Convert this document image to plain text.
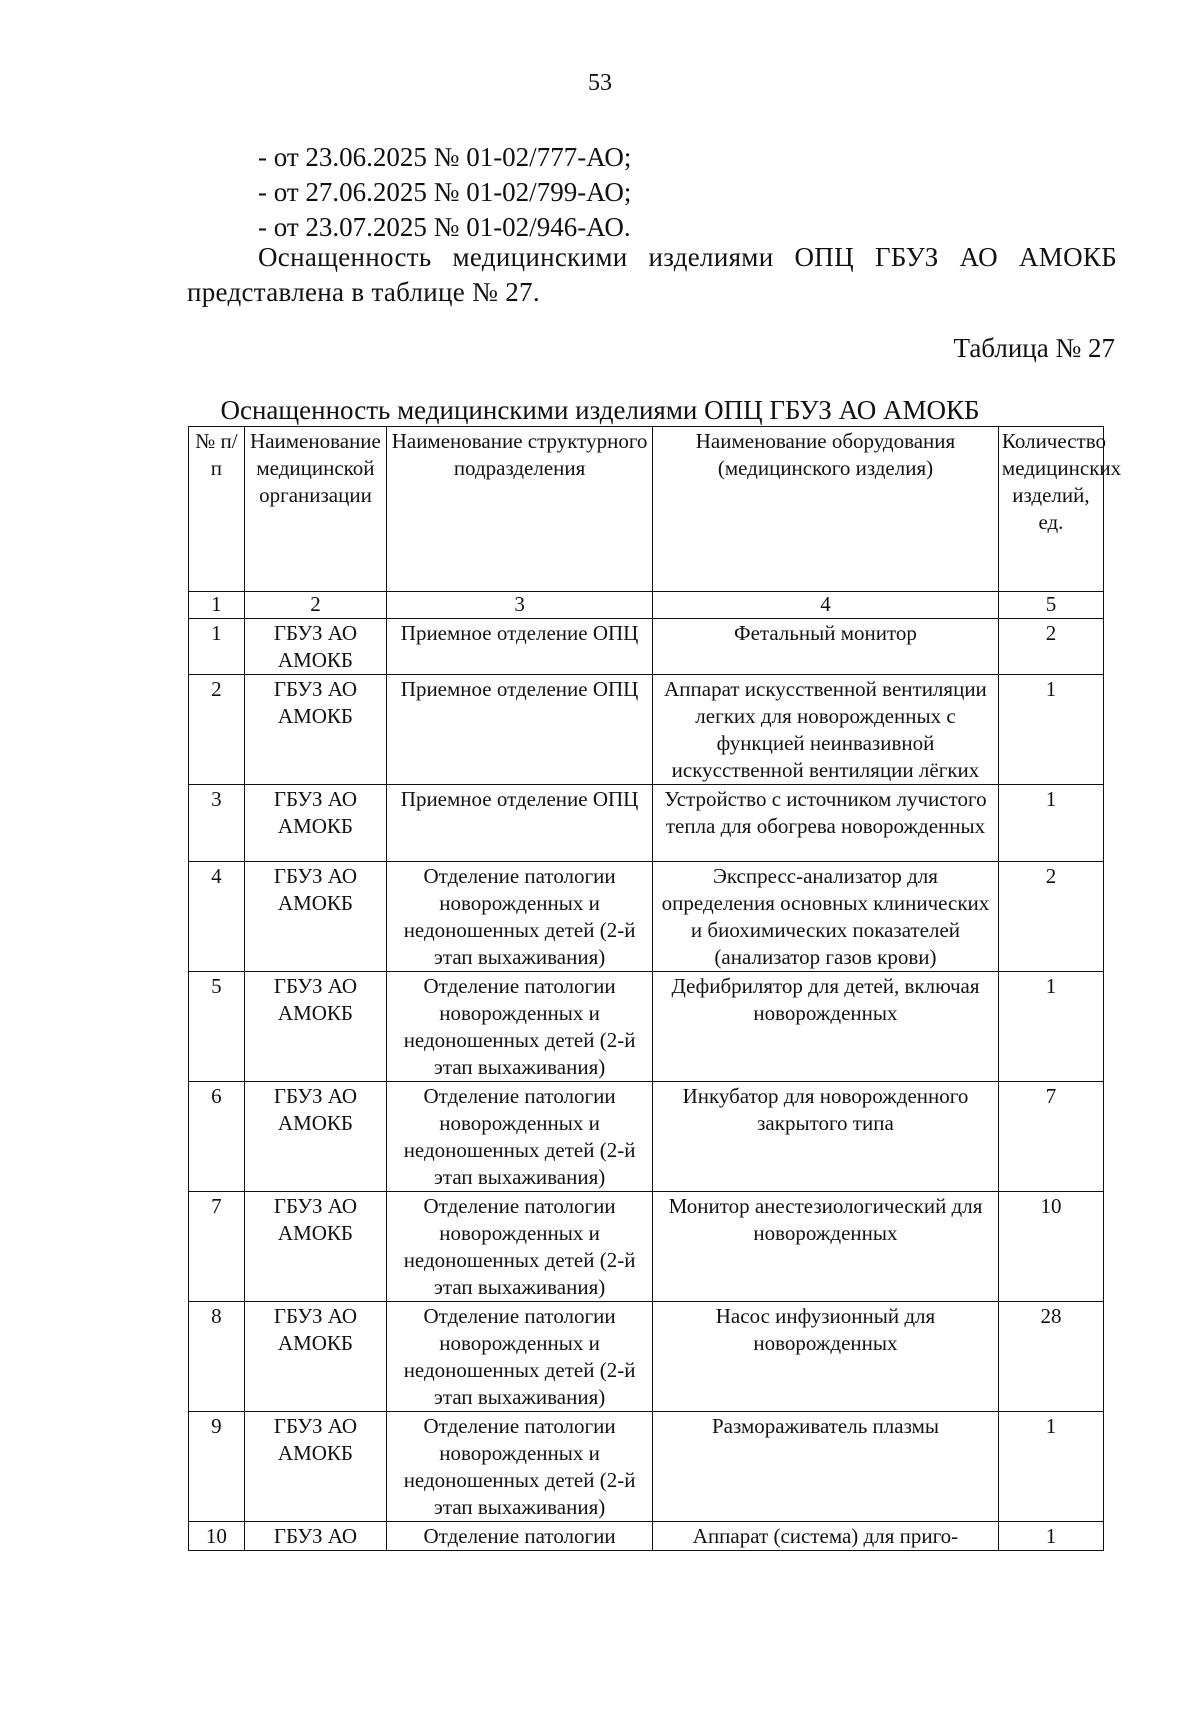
53
- от 23.06.2025 № 01-02/777-АО;
- от 27.06.2025 № 01-02/799-АО;
- от 23.07.2025 № 01-02/946-АО.
Оснащенность медицинскими изделиями ОПЦ ГБУЗ АО АМОКБ представлена в таблице № 27.
Таблица № 27
Оснащенность медицинскими изделиями ОПЦ ГБУЗ АО АМОКБ
№ п/п	Наименование медицинской организации	Наименование структурного подразделения	Наименование оборудования (медицинского изделия)	Количество медицинских изделий, ед.
1	2	3	4	5
1	ГБУЗ АО АМОКБ	Приемное отделение ОПЦ	Фетальный монитор	2
2	ГБУЗ АО АМОКБ	Приемное отделение ОПЦ	Аппарат искусственной вентиляции легких для новорожденных с функцией неинвазивной искусственной вентиляции лёгких	1
3	ГБУЗ АО АМОКБ	Приемное отделение ОПЦ	Устройство с источником лучистого тепла для обогрева новорожденных	1
4	ГБУЗ АО АМОКБ	Отделение патологии новорожденных и недоношенных детей (2-й этап выхаживания)	Экспресс-анализатор для определения основных клинических и биохимических показателей (анализатор газов крови)	2
5	ГБУЗ АО АМОКБ	Отделение патологии новорожденных и недоношенных детей (2-й этап выхаживания)	Дефибрилятор для детей, включая новорожденных	1
6	ГБУЗ АО АМОКБ	Отделение патологии новорожденных и недоношенных детей (2-й этап выхаживания)	Инкубатор для новорожденного закрытого типа	7
7	ГБУЗ АО АМОКБ	Отделение патологии новорожденных и недоношенных детей (2-й этап выхаживания)	Монитор анестезиологический для новорожденных	10
8	ГБУЗ АО АМОКБ	Отделение патологии новорожденных и недоношенных детей (2-й этап выхаживания)	Насос инфузионный для новорожденных	28
9	ГБУЗ АО АМОКБ	Отделение патологии новорожденных и недоношенных детей (2-й этап выхаживания)	Размораживатель плазмы	1
10	ГБУЗ АО	Отделение патологии	Аппарат (система) для приго-	1
